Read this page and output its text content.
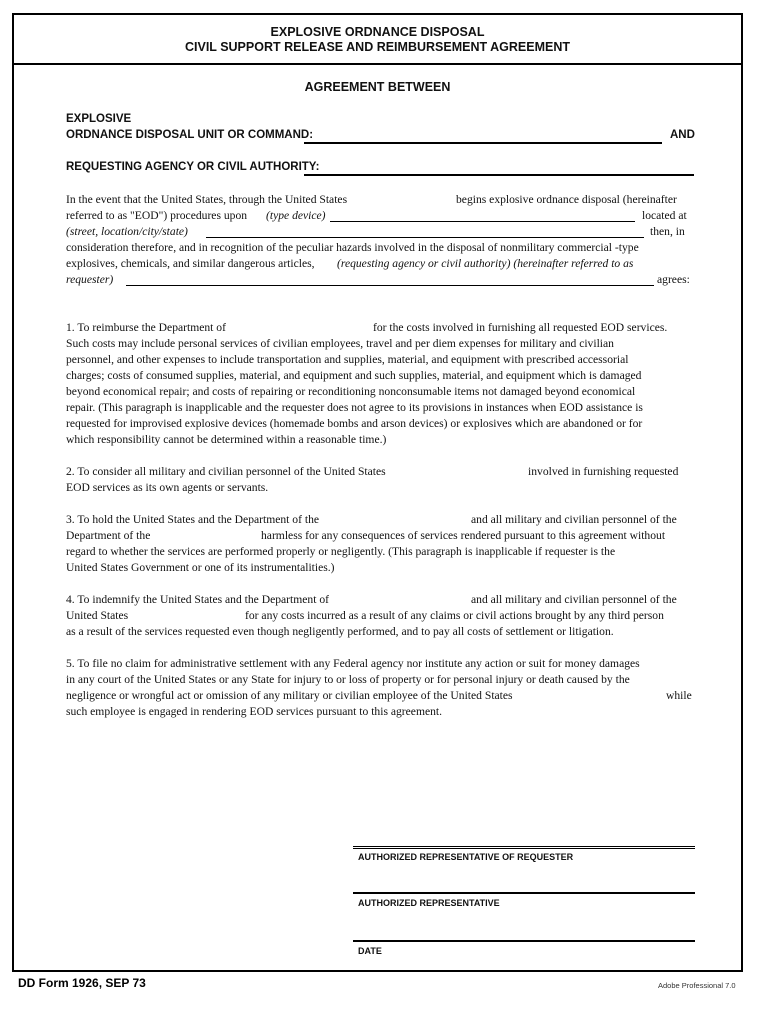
EXPLOSIVE ORDNANCE DISPOSAL
CIVIL SUPPORT RELEASE AND REIMBURSEMENT AGREEMENT
AGREEMENT BETWEEN
EXPLOSIVE
ORDNANCE DISPOSAL UNIT OR COMMAND:	AND
REQUESTING AGENCY OR CIVIL AUTHORITY:
In the event that the United States, through the United States	begins explosive ordnance disposal (hereinafter
referred to as "EOD") procedures upon (type device)	located at
(street, location/city/state)	then, in
consideration therefore, and in recognition of the peculiar hazards involved in the disposal of nonmilitary commercial -type
explosives, chemicals, and similar dangerous articles, (requesting agency or civil authority) (hereinafter referred to as
requester)	agrees:
1. To reimburse the Department of	for the costs involved in furnishing all requested EOD services.
Such costs may include personal services of civilian employees, travel and per diem expenses for military and civilian
personnel, and other expenses to include transportation and supplies, material, and equipment with prescribed accessorial
charges; costs of consumed supplies, material, and equipment and such supplies, material, and equipment which is damaged
beyond economical repair; and costs of repairing or reconditioning nonconsumable items not damaged beyond economical
repair. (This paragraph is inapplicable and the requester does not agree to its provisions in instances when EOD assistance is
requested for improvised explosive devices (homemade bombs and arson devices) or explosives which are abandoned or for
which responsibility cannot be determined within a reasonable time.)
2. To consider all military and civilian personnel of the United States	involved in furnishing requested
EOD services as its own agents or servants.
3. To hold the United States and the Department of the	and all military and civilian personnel of the
Department of the	harmless for any consequences of services rendered pursuant to this agreement without
regard to whether the services are performed properly or negligently. (This paragraph is inapplicable if requester is the
United States Government or one of its instrumentalities.)
4. To indemnify the United States and the Department of	and all military and civilian personnel of the
United States	for any costs incurred as a result of any claims or civil actions brought by any third person
as a result of the services requested even though negligently performed, and to pay all costs of settlement or litigation.
5. To file no claim for administrative settlement with any Federal agency nor institute any action or suit for money damages
in any court of the United States or any State for injury to or loss of property or for personal injury or death caused by the
negligence or wrongful act or omission of any military or civilian employee of the United States	while
such employee is engaged in rendering EOD services pursuant to this agreement.
AUTHORIZED REPRESENTATIVE OF REQUESTER
AUTHORIZED REPRESENTATIVE
DATE
DD Form 1926, SEP 73	Adobe Professional 7.0
